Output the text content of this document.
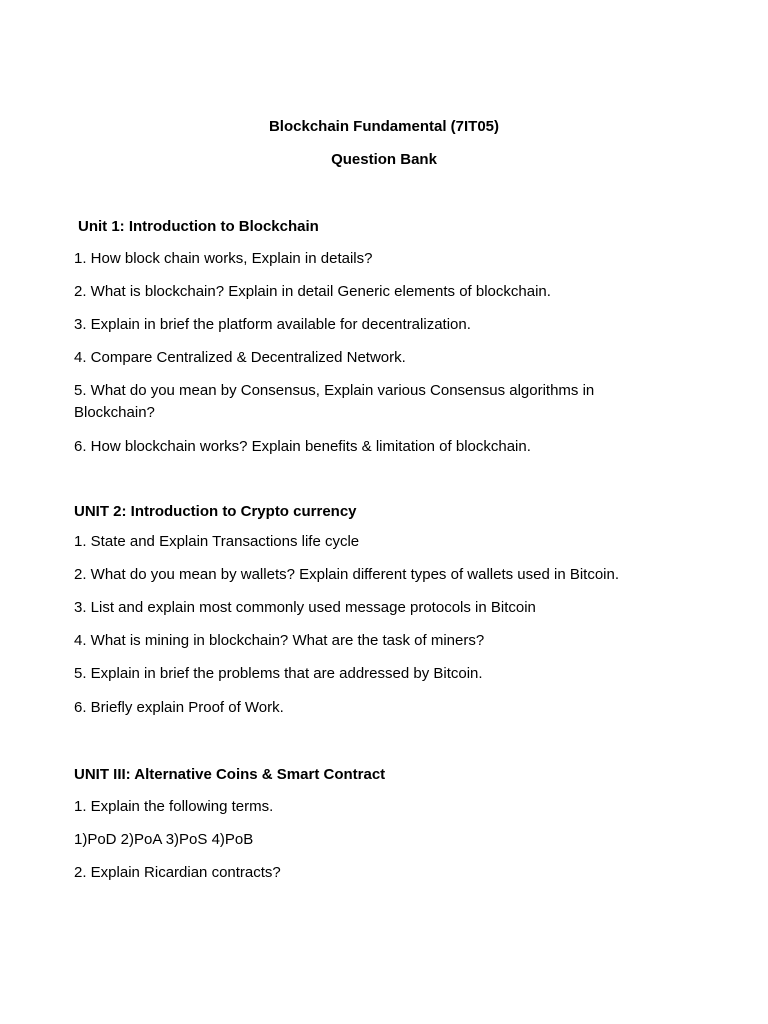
Blockchain Fundamental (7IT05)
Question Bank
Unit 1: Introduction to Blockchain
1. How block chain works, Explain in details?
2. What is blockchain? Explain in detail Generic elements of blockchain.
3. Explain in brief the platform available for decentralization.
4. Compare Centralized & Decentralized Network.
5. What do you mean by Consensus, Explain various Consensus algorithms in Blockchain?
6. How blockchain works? Explain benefits & limitation of blockchain.
UNIT 2: Introduction to Crypto currency
1. State and Explain Transactions life cycle
2. What do you mean by wallets? Explain different types of wallets used in Bitcoin.
3. List and explain most commonly used message protocols in Bitcoin
4. What is mining in blockchain? What are the task of miners?
5. Explain in brief the problems that are addressed by Bitcoin.
6. Briefly explain Proof of Work.
UNIT III: Alternative Coins & Smart Contract
1. Explain the following terms.
1)PoD 2)PoA 3)PoS 4)PoB
2. Explain Ricardian contracts?
